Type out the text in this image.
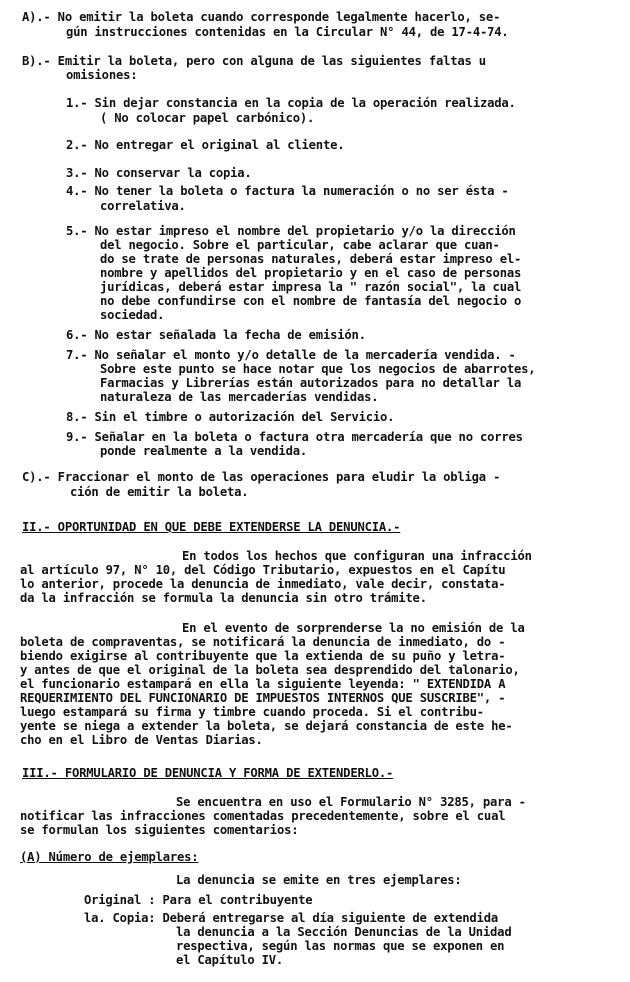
A).- No emitir la boleta cuando corresponde legalmente hacerlo, se-
gún instrucciones contenidas en la Circular N° 44, de 17-4-74.
B).- Emitir la boleta, pero con alguna de las siguientes faltas u
omisiones:
1.- Sin dejar constancia en la copia de la operación realizada.
( No colocar papel carbónico).
2.- No entregar el original al cliente.
3.- No conservar la copia.
4.- No tener la boleta o factura la numeración o no ser ésta -
correlativa.
5.- No estar impreso el nombre del propietario y/o la dirección
del negocio. Sobre el particular, cabe aclarar que cuan-
do se trate de personas naturales, deberá estar impreso el-
nombre y apellidos del propietario y en el caso de personas
jurídicas, deberá estar impresa la " razón social", la cual
no debe confundirse con el nombre de fantasía del negocio o
sociedad.
6.- No estar señalada la fecha de emisión.
7.- No señalar el monto y/o detalle de la mercadería vendida. -
Sobre este punto se hace notar que los negocios de abarrotes,
Farmacias y Librerías están autorizados para no detallar la
naturaleza de las mercaderías vendidas.
8.- Sin el timbre o autorización del Servicio.
9.- Señalar en la boleta o factura otra mercadería que no corres
ponde realmente a la vendida.
C).- Fraccionar el monto de las operaciones para eludir la obliga -
ción de emitir la boleta.
II.- OPORTUNIDAD EN QUE DEBE EXTENDERSE LA DENUNCIA.-
En todos los hechos que configuran una infracción
al artículo 97, N° 10, del Código Tributario, expuestos en el Capítu
lo anterior, procede la denuncia de inmediato, vale decir, constata-
da la infracción se formula la denuncia sin otro trámite.
En el evento de sorprenderse la no emisión de la
boleta de compraventas, se notificará la denuncia de inmediato, do -
biendo exigirse al contribuyente que la extienda de su puño y letra-
y antes de que el original de la boleta sea desprendido del talonario,
el funcionario estampará en ella la siguiente leyenda: " EXTENDIDA A
REQUERIMIENTO DEL FUNCIONARIO DE IMPUESTOS INTERNOS QUE SUSCRIBE", -
luego estampará su firma y timbre cuando proceda. Si el contribu-
yente se niega a extender la boleta, se dejará constancia de este he-
cho en el Libro de Ventas Diarias.
III.- FORMULARIO DE DENUNCIA Y FORMA DE EXTENDERLO.-
Se encuentra en uso el Formulario N° 3285, para -
notificar las infracciones comentadas precedentemente, sobre el cual
se formulan los siguientes comentarios:
(A) Número de ejemplares:
La denuncia se emite en tres ejemplares:
Original : Para el contribuyente
la. Copia: Deberá entregarse al día siguiente de extendida
la denuncia a la Sección Denuncias de la Unidad
respectiva, según las normas que se exponen en
el Capítulo IV.
